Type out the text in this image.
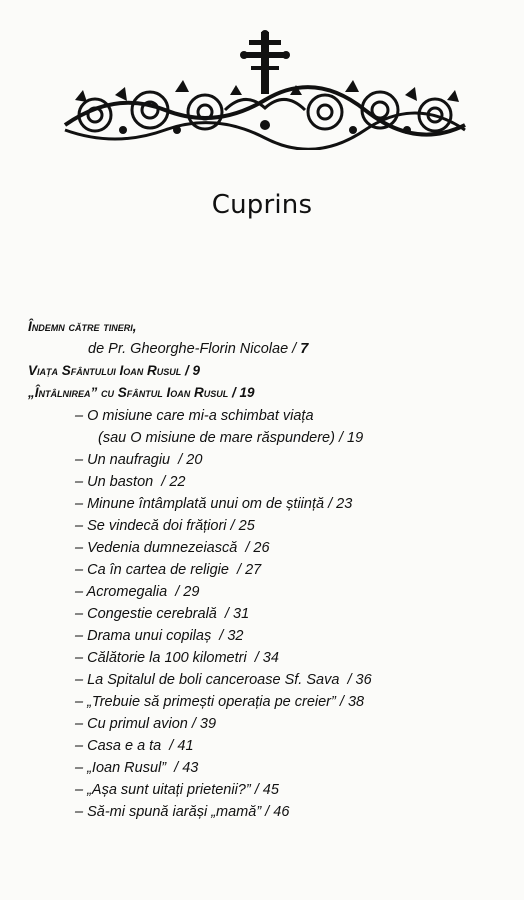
Cuprins
Îndemn către tineri,
de Pr. Gheorghe-Florin Nicolae / 7
Viața Sfântului Ioan Rusul / 9
„Întâlnirea” cu Sfântul Ioan Rusul / 19
– O misiune care mi-a schimbat viața
(sau O misiune de mare răspundere) / 19
– Un naufragiu  / 20
– Un baston  / 22
– Minune întâmplată unui om de știință / 23
– Se vindecă doi frățiori / 25
– Vedenia dumnezeiască  / 26
– Ca în cartea de religie  / 27
– Acromegalia  / 29
– Congestie cerebrală  / 31
– Drama unui copilaș  / 32
– Călătorie la 100 kilometri  / 34
– La Spitalul de boli canceroase Sf. Sava  / 36
– „Trebuie să primești operația pe creier” / 38
– Cu primul avion / 39
– Casa e a ta  / 41
– „Ioan Rusul”  / 43
– „Așa sunt uitați prietenii?” / 45
– Să-mi spună iarăși „mamă” / 46
